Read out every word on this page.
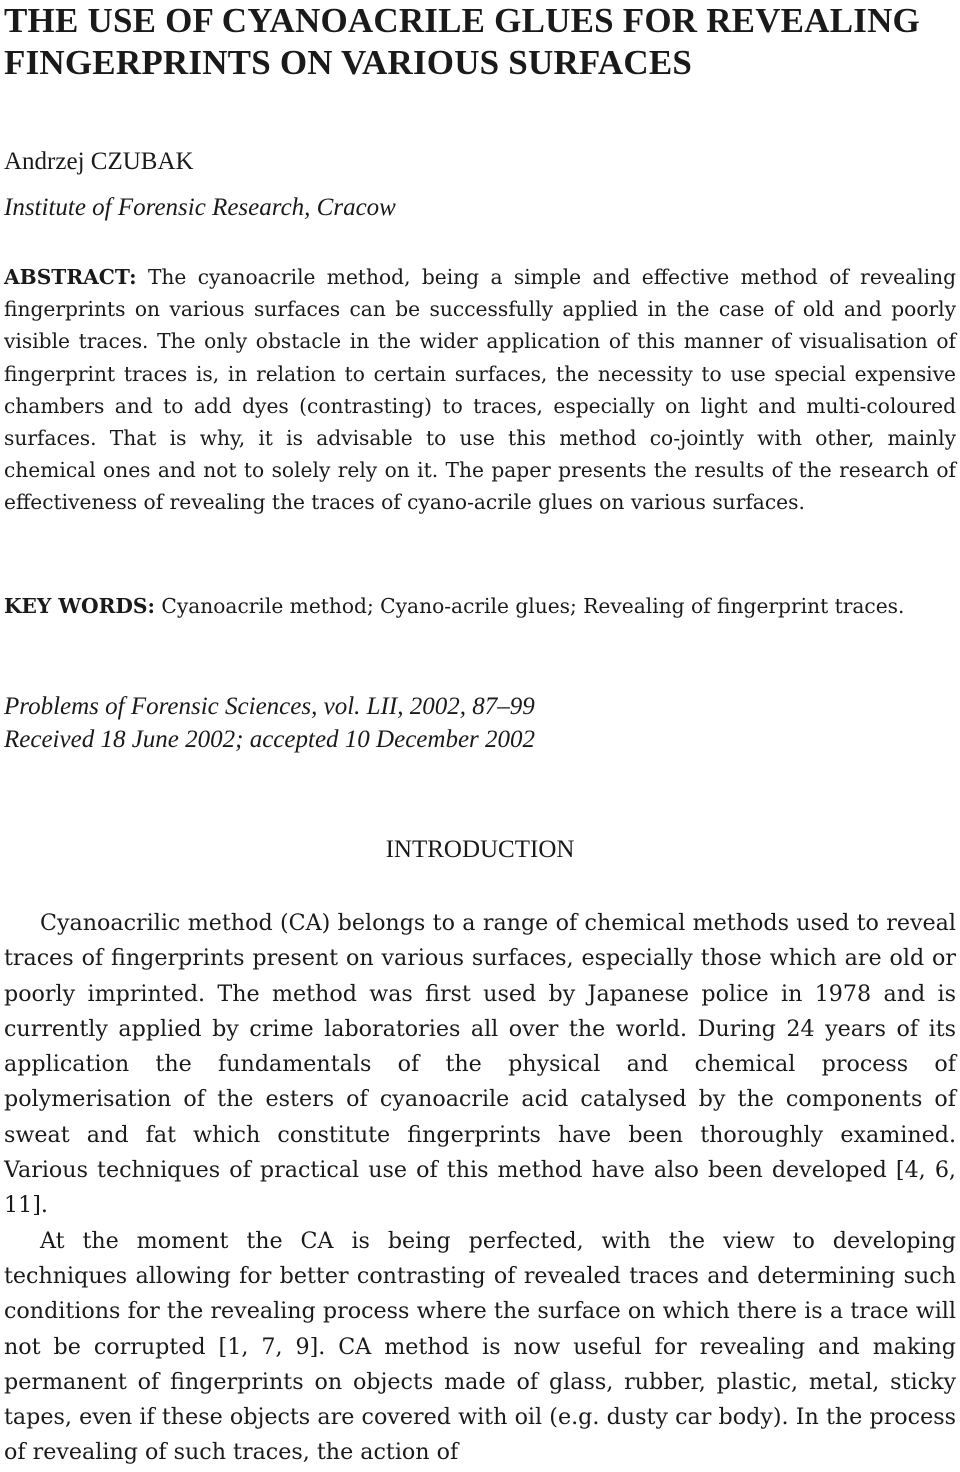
THE USE OF CYANOACRILE GLUES FOR REVEALING
FINGERPRINTS ON VARIOUS SURFACES
Andrzej CZUBAK
Institute of Forensic Research, Cracow

ABSTRACT: The cyanoacrile method, being a simple and effective method of revealing fingerprints on various surfaces can be successfully applied in the case of old and poorly visible traces. The only obstacle in the wider application of this manner of visualisation of fingerprint traces is, in relation to certain surfaces, the necessity to use special expensive chambers and to add dyes (contrasting) to traces, especially on light and multi-coloured surfaces. That is why, it is advisable to use this method co-jointly with other, mainly chemical ones and not to solely rely on it. The paper presents the results of the research of effectiveness of revealing the traces of cyano-acrile glues on various surfaces.

KEY WORDS: Cyanoacrile method; Cyano-acrile glues; Revealing of fingerprint traces.

Problems of Forensic Sciences, vol. LII, 2002, 87–99
Received 18 June 2002; accepted 10 December 2002
INTRODUCTION

Cyanoacrilic method (CA) belongs to a range of chemical methods used to reveal traces of fingerprints present on various surfaces, especially those which are old or poorly imprinted. The method was first used by Japanese police in 1978 and is currently applied by crime laboratories all over the world. During 24 years of its application the fundamentals of the physical and chemical process of polymerisation of the esters of cyanoacrile acid catalysed by the components of sweat and fat which constitute fingerprints have been thoroughly examined. Various techniques of practical use of this method have also been developed [4, 6, 11].

At the moment the CA is being perfected, with the view to developing techniques allowing for better contrasting of revealed traces and determining such conditions for the revealing process where the surface on which there is a trace will not be corrupted [1, 7, 9]. CA method is now useful for revealing and making permanent of fingerprints on objects made of glass, rubber, plastic, metal, sticky tapes, even if these objects are covered with oil (e.g. dusty car body). In the process of revealing of such traces, the action of
